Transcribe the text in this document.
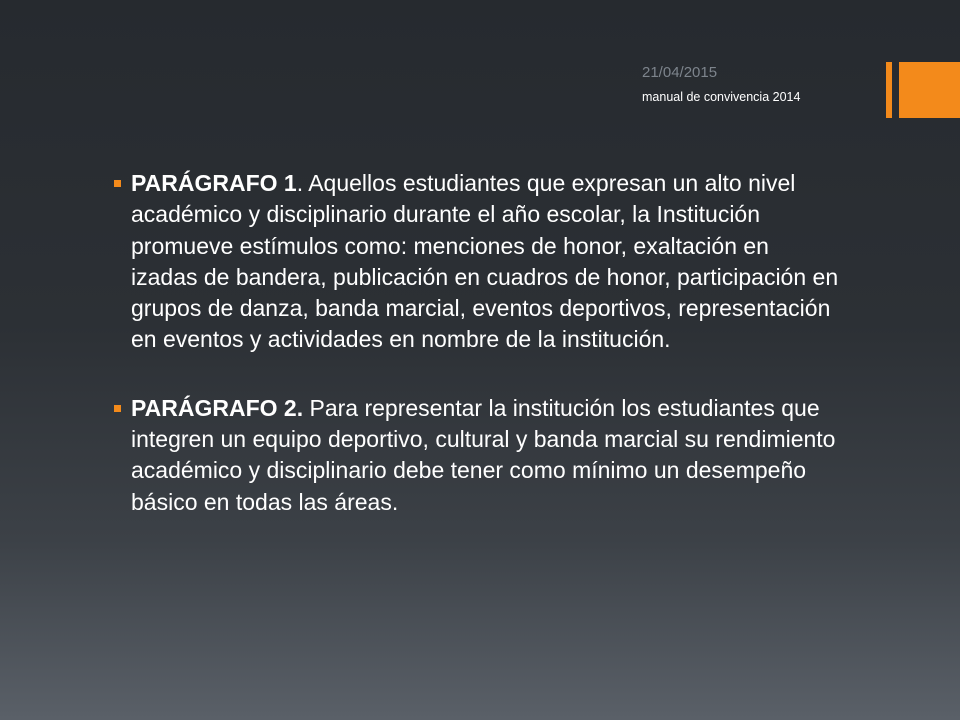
21/04/2015
manual de convivencia 2014
PARÁGRAFO 1. Aquellos estudiantes que expresan un alto nivel académico y disciplinario durante el año escolar, la Institución promueve estímulos como: menciones de honor, exaltación en izadas de bandera, publicación en cuadros de honor, participación en grupos de danza, banda marcial, eventos deportivos, representación en eventos y actividades en nombre de la institución.
PARÁGRAFO 2. Para representar la institución los estudiantes que integren un equipo deportivo, cultural y banda marcial su rendimiento académico y disciplinario debe tener como mínimo un desempeño básico en todas las áreas.
